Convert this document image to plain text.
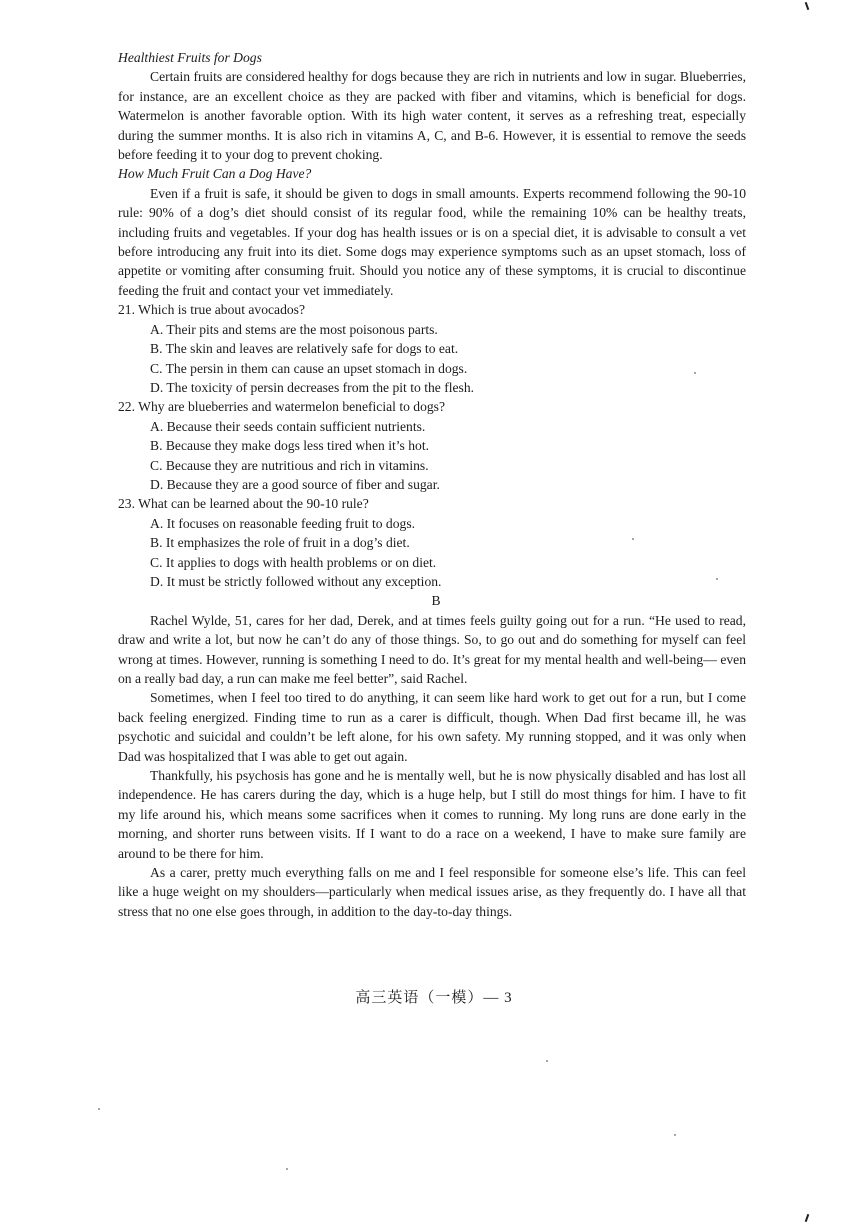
Healthiest Fruits for Dogs

Certain fruits are considered healthy for dogs because they are rich in nutrients and low in sugar. Blueberries, for instance, are an excellent choice as they are packed with fiber and vitamins, which is beneficial for dogs. Watermelon is another favorable option. With its high water content, it serves as a refreshing treat, especially during the summer months. It is also rich in vitamins A, C, and B-6. However, it is essential to remove the seeds before feeding it to your dog to prevent choking.

How Much Fruit Can a Dog Have?

Even if a fruit is safe, it should be given to dogs in small amounts. Experts recommend following the 90-10 rule: 90% of a dog’s diet should consist of its regular food, while the remaining 10% can be healthy treats, including fruits and vegetables. If your dog has health issues or is on a special diet, it is advisable to consult a vet before introducing any fruit into its diet. Some dogs may experience symptoms such as an upset stomach, loss of appetite or vomiting after consuming fruit. Should you notice any of these symptoms, it is crucial to discontinue feeding the fruit and contact your vet immediately.

21. Which is true about avocados?

A. Their pits and stems are the most poisonous parts.

B. The skin and leaves are relatively safe for dogs to eat.

C. The persin in them can cause an upset stomach in dogs.

D. The toxicity of persin decreases from the pit to the flesh.

22. Why are blueberries and watermelon beneficial to dogs?

A. Because their seeds contain sufficient nutrients.

B. Because they make dogs less tired when it’s hot.

C. Because they are nutritious and rich in vitamins.

D. Because they are a good source of fiber and sugar.

23. What can be learned about the 90-10 rule?

A. It focuses on reasonable feeding fruit to dogs.

B. It emphasizes the role of fruit in a dog’s diet.

C. It applies to dogs with health problems or on diet.

D. It must be strictly followed without any exception.

B

Rachel Wylde, 51, cares for her dad, Derek, and at times feels guilty going out for a run. “He used to read, draw and write a lot, but now he can’t do any of those things. So, to go out and do something for myself can feel wrong at times. However, running is something I need to do. It’s great for my mental health and well-being— even on a really bad day, a run can make me feel better”, said Rachel.

Sometimes, when I feel too tired to do anything, it can seem like hard work to get out for a run, but I come back feeling energized. Finding time to run as a carer is difficult, though. When Dad first became ill, he was psychotic and suicidal and couldn’t be left alone, for his own safety. My running stopped, and it was only when Dad was hospitalized that I was able to get out again.

Thankfully, his psychosis has gone and he is mentally well, but he is now physically disabled and has lost all independence. He has carers during the day, which is a huge help, but I still do most things for him. I have to fit my life around his, which means some sacrifices when it comes to running. My long runs are done early in the morning, and shorter runs between visits. If I want to do a race on a weekend, I have to make sure family are around to be there for him.

As a carer, pretty much everything falls on me and I feel responsible for someone else’s life. This can feel like a huge weight on my shoulders—particularly when medical issues arise, as they frequently do. I have all that stress that no one else goes through, in addition to the day-to-day things.

高三英语（一模）— 3
